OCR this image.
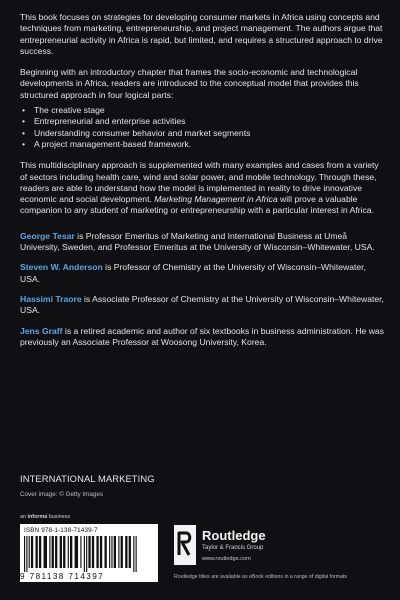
This book focuses on strategies for developing consumer markets in Africa using concepts and techniques from marketing, entrepreneurship, and project management. The authors argue that entrepreneurial activity in Africa is rapid, but limited, and requires a structured approach to drive success.

Beginning with an introductory chapter that frames the socio-economic and technological developments in Africa, readers are introduced to the conceptual model that provides this structured approach in four logical parts:

• The creative stage
• Entrepreneurial and enterprise activities
• Understanding consumer behavior and market segments
• A project management-based framework.

This multidisciplinary approach is supplemented with many examples and cases from a variety of sectors including health care, wind and solar power, and mobile technology. Through these, readers are able to understand how the model is implemented in reality to drive innovative economic and social development. Marketing Management in Africa will prove a valuable companion to any student of marketing or entrepreneurship with a particular interest in Africa.

George Tesar is Professor Emeritus of Marketing and International Business at Umeå University, Sweden, and Professor Emeritus at the University of Wisconsin–Whitewater, USA.

Steven W. Anderson is Professor of Chemistry at the University of Wisconsin–Whitewater, USA.

Hassimi Traore is Associate Professor of Chemistry at the University of Wisconsin–Whitewater, USA.

Jens Graff is a retired academic and author of six textbooks in business administration. He was previously an Associate Professor at Woosong University, Korea.

INTERNATIONAL MARKETING
Cover image: © Getty Images
an informa business
ISBN 978-1-138-71439-7
9 781138 714397
Routledge
Taylor & Francis Group
www.routledge.com
Routledge titles are available as eBook editions in a range of digital formats
